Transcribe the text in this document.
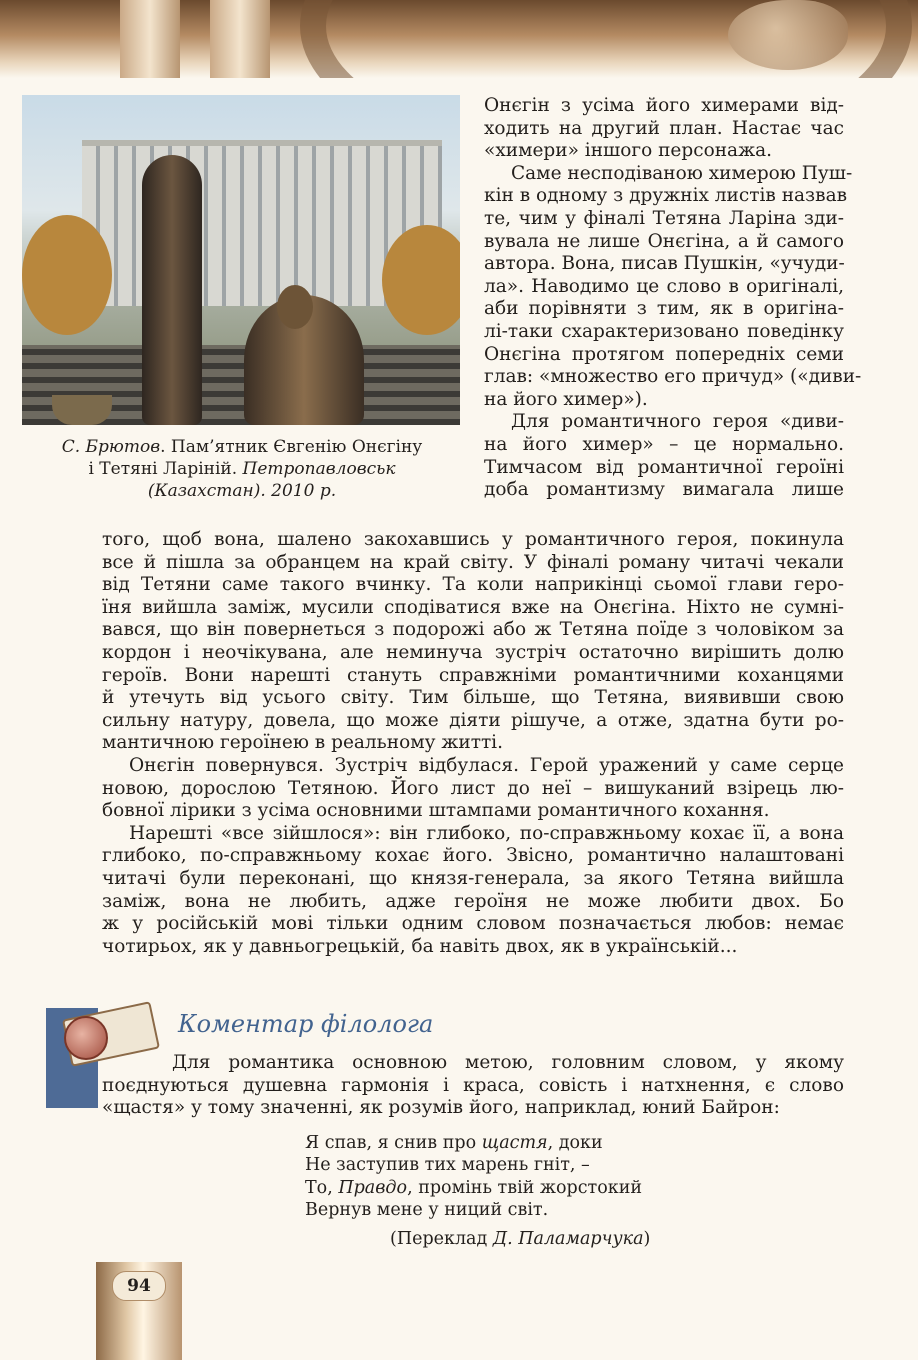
С. Брютов. Пам’ятник Євгенію Онєгіну
і Тетяні Ларіній. Петропавловськ
(Казахстан). 2010 р.
Онєгін з усіма його химерами від-
ходить на другий план. Настає час
«химери» іншого персонажа.
Саме несподіваною химерою Пуш-
кін в одному з дружніх листів назвав
те, чим у фіналі Тетяна Ларіна зди-
вувала не лише Онєгіна, а й самого
автора. Вона, писав Пушкін, «учуди-
ла». Наводимо це слово в оригіналі,
аби порівняти з тим, як в оригіна-
лі-таки схарактеризовано поведінку
Онєгіна протягом попередніх семи
глав: «множество его причуд» («диви-
на його химер»).
Для романтичного героя «диви-
на його химер» – це нормально.
Тимчасом від романтичної героїні
доба романтизму вимагала лише
того, щоб вона, шалено закохавшись у романтичного героя, покинула
все й пішла за обранцем на край світу. У фіналі роману читачі чекали
від Тетяни саме такого вчинку. Та коли наприкінці сьомої глави геро-
їня вийшла заміж, мусили сподіватися вже на Онєгіна. Ніхто не сумні-
вався, що він повернеться з подорожі або ж Тетяна поїде з чоловіком за
кордон і неочікувана, але неминуча зустріч остаточно вирішить долю
героїв. Вони нарешті стануть справжніми романтичними коханцями
й утечуть від усього світу. Тим більше, що Тетяна, виявивши свою
сильну натуру, довела, що може діяти рішуче, а отже, здатна бути ро-
мантичною героїнею в реальному житті.
Онєгін повернувся. Зустріч відбулася. Герой уражений у саме серце
новою, дорослою Тетяною. Його лист до неї – вишуканий взірець лю-
бовної лірики з усіма основними штампами романтичного кохання.
Нарешті «все зійшлося»: він глибоко, по-справжньому кохає її, а вона
глибоко, по-справжньому кохає його. Звісно, романтично налаштовані
читачі були переконані, що князя-генерала, за якого Тетяна вийшла
заміж, вона не любить, адже героїня не може любити двох. Бо
ж у російській мові тільки одним словом позначається любов: немає
чотирьох, як у давньогрецькій, ба навіть двох, як в українській...
Коментар філолога
Для романтика основною метою, головним словом, у якому
поєднуються душевна гармонія і краса, совість і натхнення, є слово
«щастя» у тому значенні, як розумів його, наприклад, юний Байрон:
Я спав, я снив про щастя, доки
Не заступив тих марень гніт, –
То, Правдо, промінь твій жорстокий
Вернув мене у ниций світ.
(Переклад Д. Паламарчука)
94
